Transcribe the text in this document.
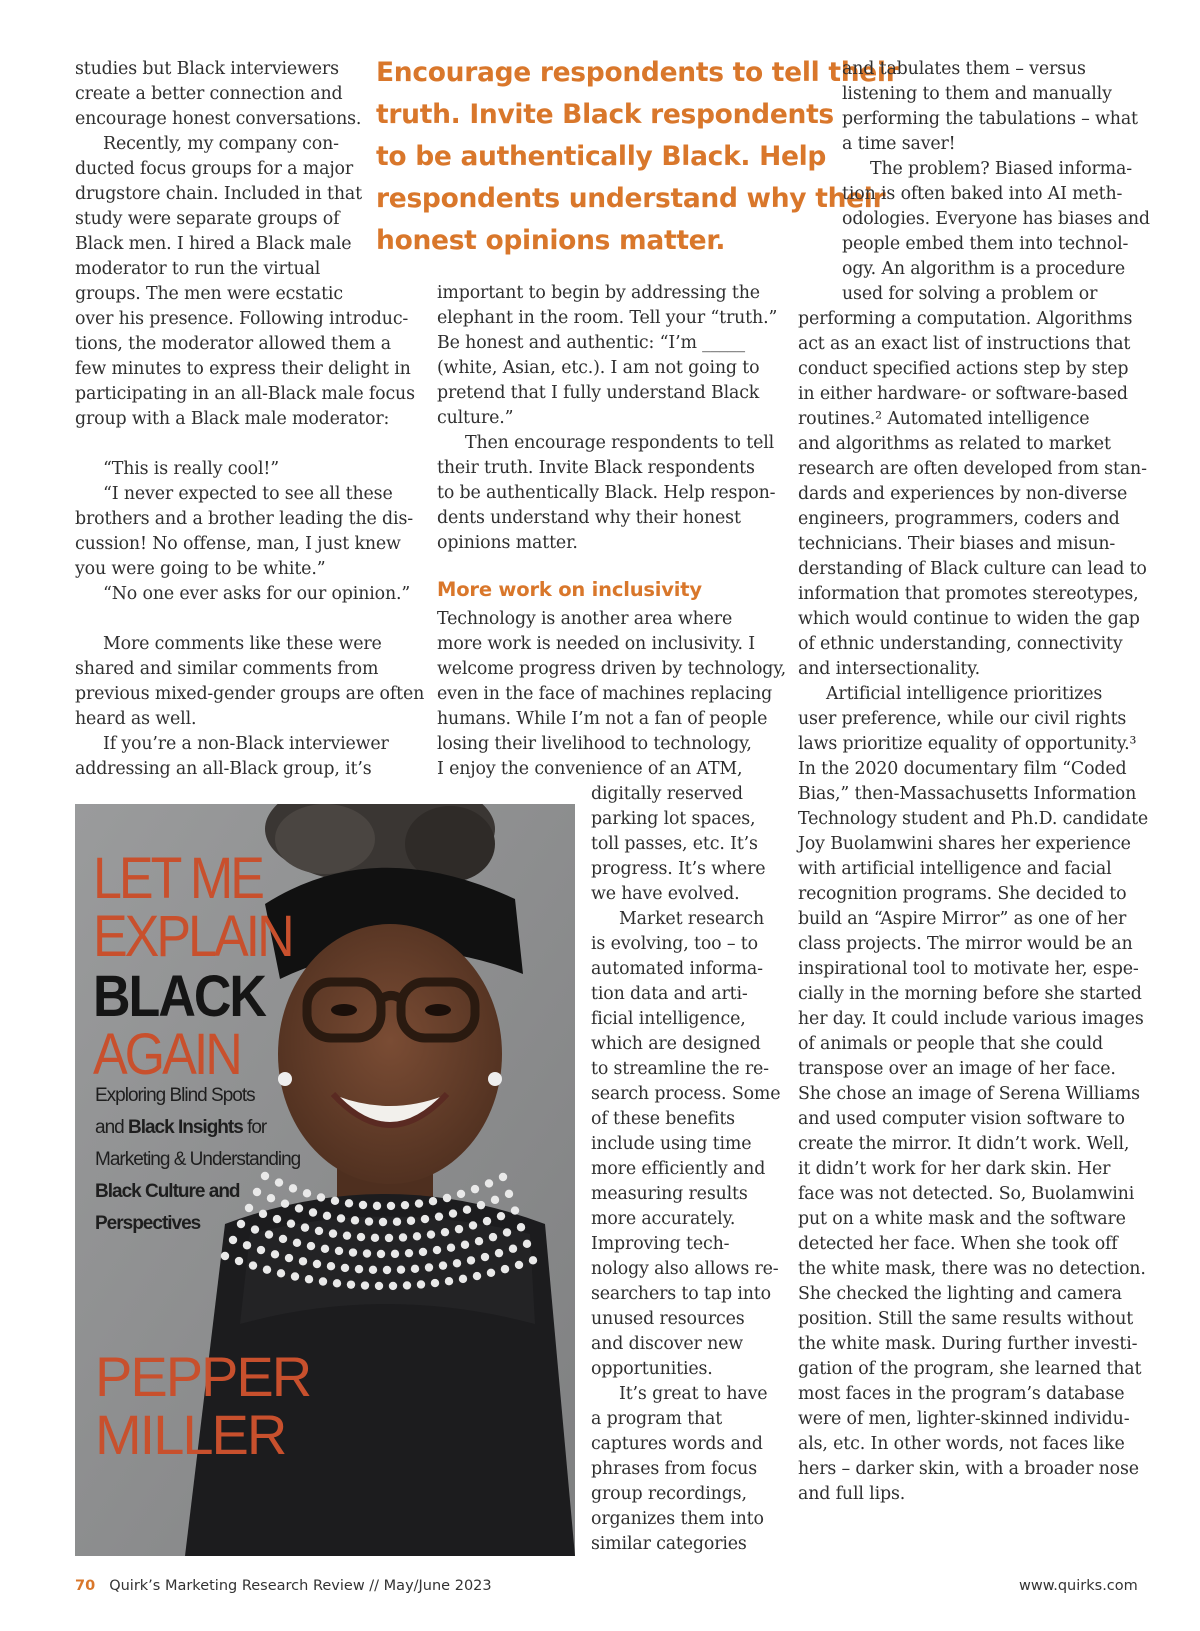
Encourage respondents to tell their
truth. Invite Black respondents
to be authentically Black. Help
respondents understand why their
honest opinions matter.
studies but Black interviewers
create a better connection and
encourage honest conversations.
Recently, my company con-
ducted focus groups for a major
drugstore chain. Included in that
study were separate groups of
Black men. I hired a Black male
moderator to run the virtual
groups. The men were ecstatic
over his presence. Following introduc-
tions, the moderator allowed them a
few minutes to express their delight in
participating in an all-Black male focus
group with a Black male moderator:
“This is really cool!”
“I never expected to see all these
brothers and a brother leading the dis-
cussion! No offense, man, I just knew
you were going to be white.”
“No one ever asks for our opinion.”
More comments like these were
shared and similar comments from
previous mixed-gender groups are often
heard as well.
If you’re a non-Black interviewer
addressing an all-Black group, it’s
important to begin by addressing the
elephant in the room. Tell your “truth.”
Be honest and authentic: “I’m _____
(white, Asian, etc.). I am not going to
pretend that I fully understand Black
culture.”
Then encourage respondents to tell
their truth. Invite Black respondents
to be authentically Black. Help respon-
dents understand why their honest
opinions matter.
More work on inclusivity
Technology is another area where
more work is needed on inclusivity. I
welcome progress driven by technology,
even in the face of machines replacing
humans. While I’m not a fan of people
losing their livelihood to technology,
I enjoy the convenience of an ATM,
digitally reserved
parking lot spaces,
toll passes, etc. It’s
progress. It’s where
we have evolved.
Market research
is evolving, too – to
automated informa-
tion data and arti-
ficial intelligence,
which are designed
to streamline the re-
search process. Some
of these benefits
include using time
more efficiently and
measuring results
more accurately.
Improving tech-
nology also allows re-
searchers to tap into
unused resources
and discover new
opportunities.
It’s great to have
a program that
captures words and
phrases from focus
group recordings,
organizes them into
similar categories
and tabulates them – versus
listening to them and manually
performing the tabulations – what
a time saver!
The problem? Biased informa-
tion is often baked into AI meth-
odologies. Everyone has biases and
people embed them into technol-
ogy. An algorithm is a procedure
used for solving a problem or
performing a computation. Algorithms
act as an exact list of instructions that
conduct specified actions step by step
in either hardware- or software-based
routines.² Automated intelligence
and algorithms as related to market
research are often developed from stan-
dards and experiences by non-diverse
engineers, programmers, coders and
technicians. Their biases and misun-
derstanding of Black culture can lead to
information that promotes stereotypes,
which would continue to widen the gap
of ethnic understanding, connectivity
and intersectionality.
Artificial intelligence prioritizes
user preference, while our civil rights
laws prioritize equality of opportunity.³
In the 2020 documentary film “Coded
Bias,” then-Massachusetts Information
Technology student and Ph.D. candidate
Joy Buolamwini shares her experience
with artificial intelligence and facial
recognition programs. She decided to
build an “Aspire Mirror” as one of her
class projects. The mirror would be an
inspirational tool to motivate her, espe-
cially in the morning before she started
her day. It could include various images
of animals or people that she could
transpose over an image of her face.
She chose an image of Serena Williams
and used computer vision software to
create the mirror. It didn’t work. Well,
it didn’t work for her dark skin. Her
face was not detected. So, Buolamwini
put on a white mask and the software
detected her face. When she took off
the white mask, there was no detection.
She checked the lighting and camera
position. Still the same results without
the white mask. During further investi-
gation of the program, she learned that
most faces in the program’s database
were of men, lighter-skinned individu-
als, etc. In other words, not faces like
hers – darker skin, with a broader nose
and full lips.
LET ME
EXPLAIN
BLACK
AGAIN
Exploring Blind Spots
and Black Insights for
Marketing & Understanding
Black Culture and
Perspectives
PEPPER
MILLER
70 Quirk’s Marketing Research Review // May/June 2023	www.quirks.com
